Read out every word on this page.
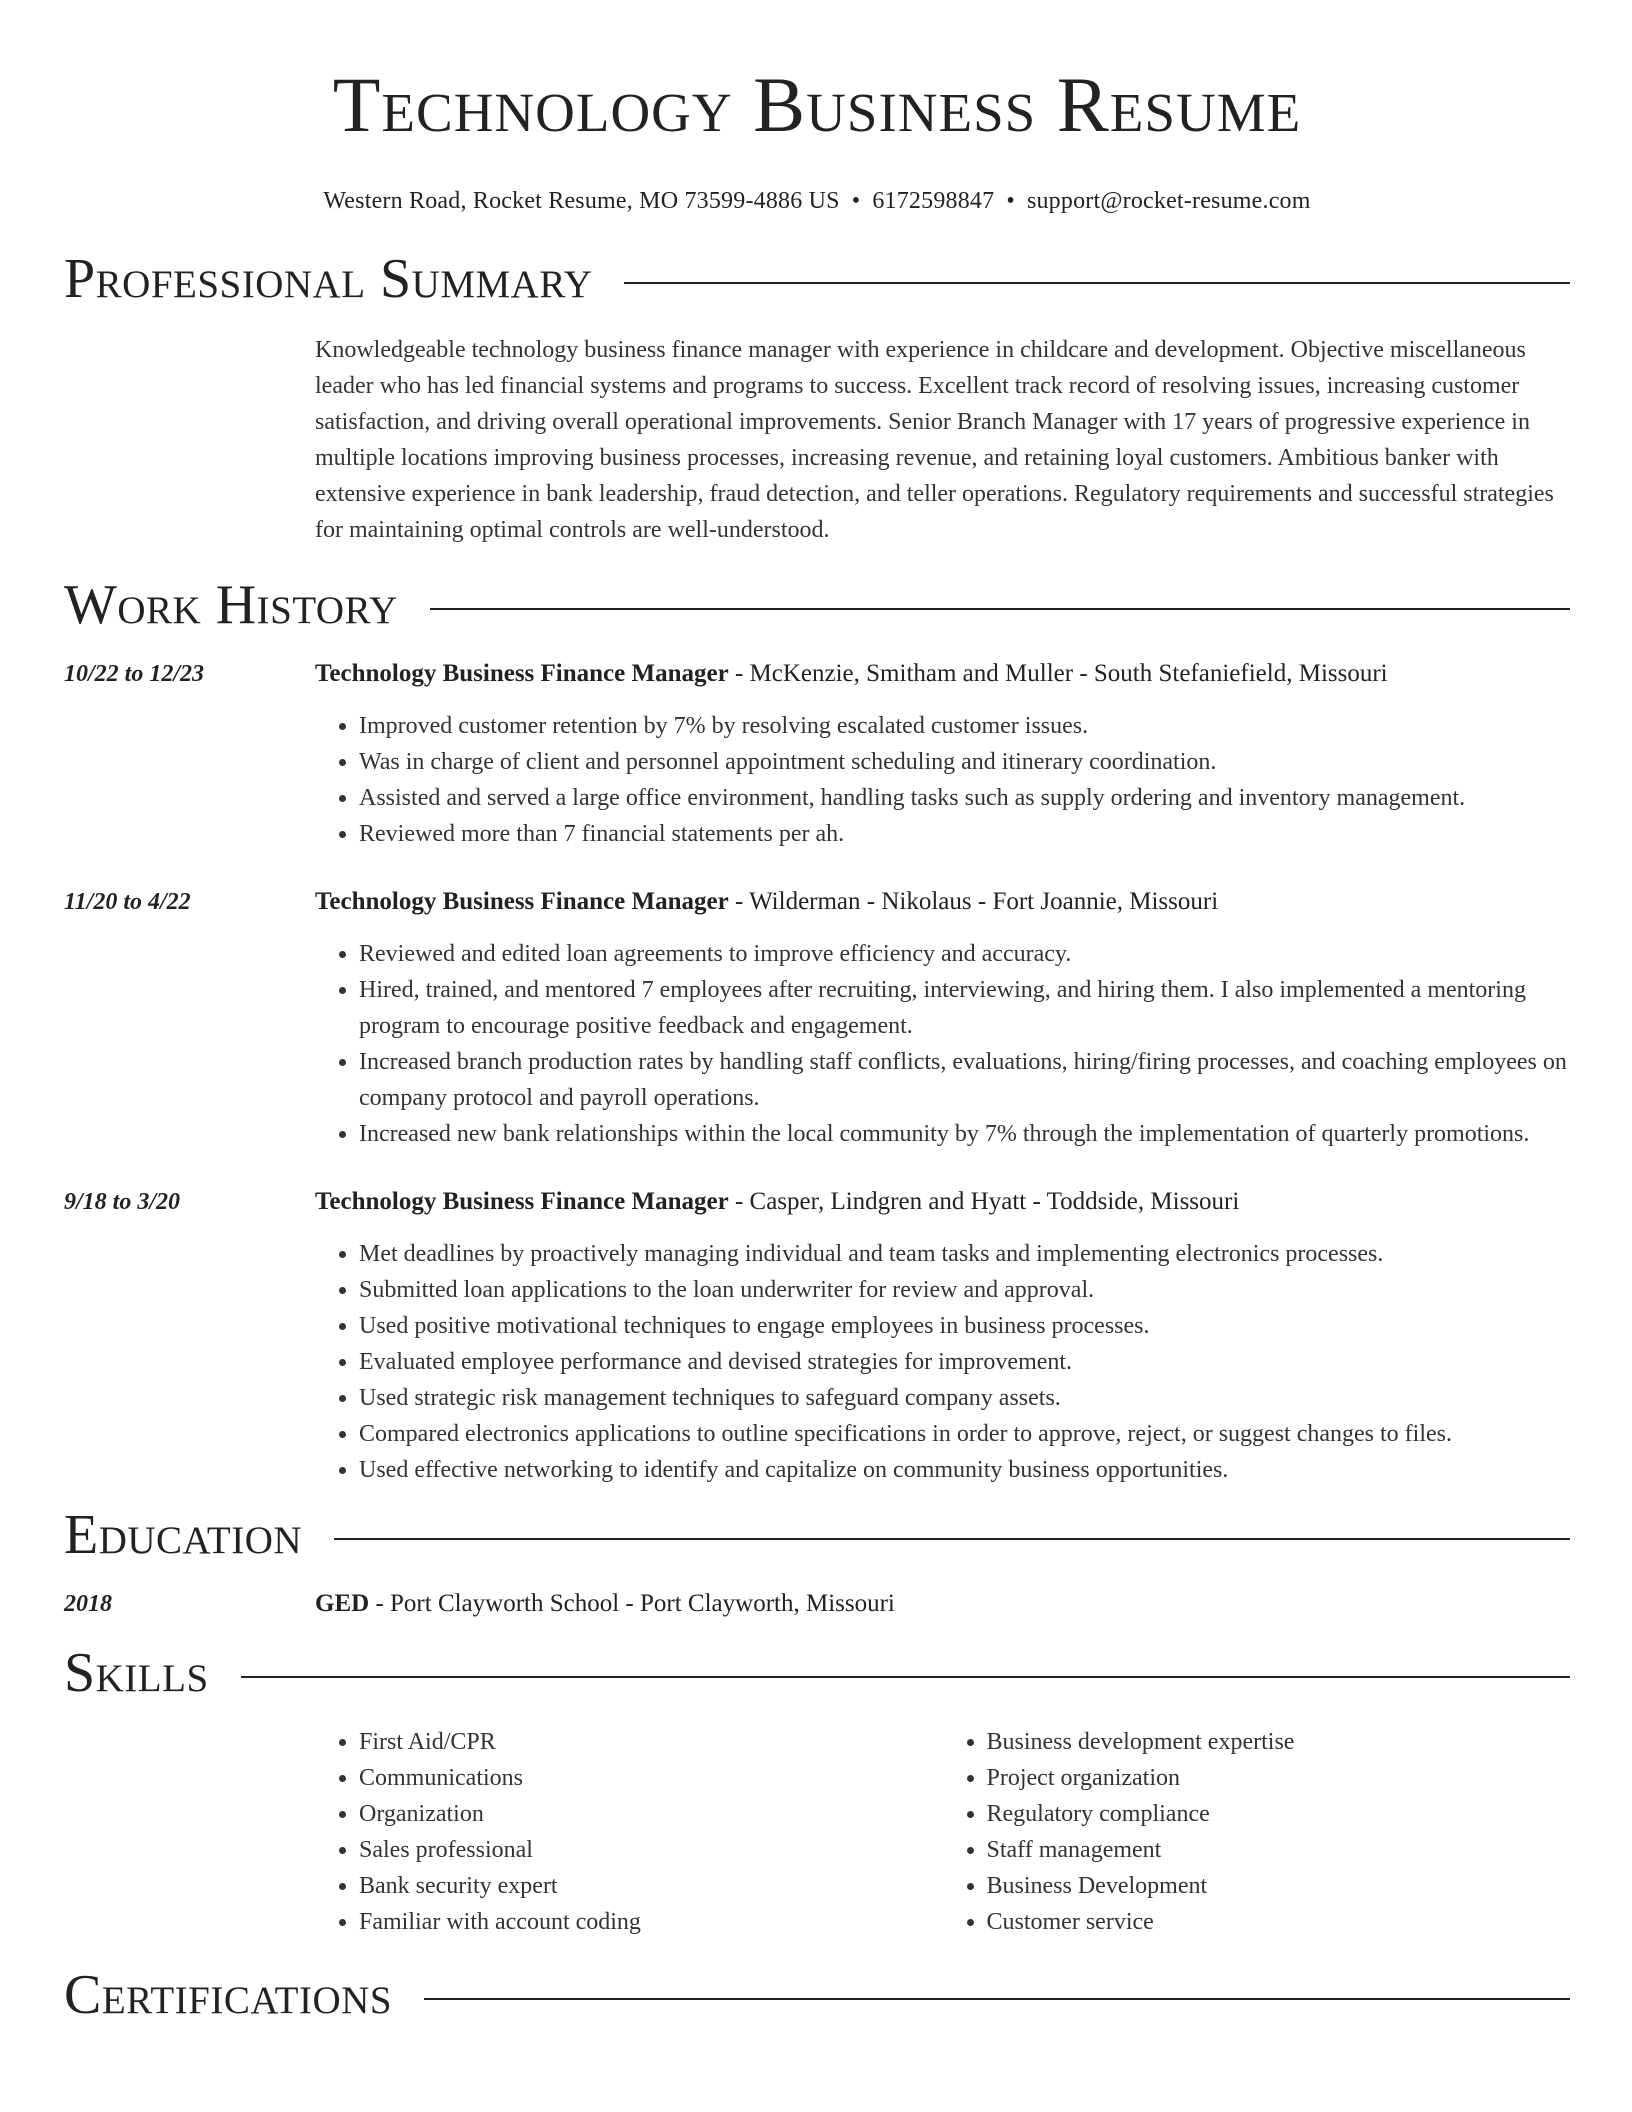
Technology Business Resume
Western Road, Rocket Resume, MO 73599-4886 US • 6172598847 • support@rocket-resume.com
Professional Summary
Knowledgeable technology business finance manager with experience in childcare and development. Objective miscellaneous leader who has led financial systems and programs to success. Excellent track record of resolving issues, increasing customer satisfaction, and driving overall operational improvements. Senior Branch Manager with 17 years of progressive experience in multiple locations improving business processes, increasing revenue, and retaining loyal customers. Ambitious banker with extensive experience in bank leadership, fraud detection, and teller operations. Regulatory requirements and successful strategies for maintaining optimal controls are well-understood.
Work History
10/22 to 12/23	Technology Business Finance Manager - McKenzie, Smitham and Muller - South Stefaniefield, Missouri
• Improved customer retention by 7% by resolving escalated customer issues.
• Was in charge of client and personnel appointment scheduling and itinerary coordination.
• Assisted and served a large office environment, handling tasks such as supply ordering and inventory management.
• Reviewed more than 7 financial statements per ah.
11/20 to 4/22	Technology Business Finance Manager - Wilderman - Nikolaus - Fort Joannie, Missouri
• Reviewed and edited loan agreements to improve efficiency and accuracy.
• Hired, trained, and mentored 7 employees after recruiting, interviewing, and hiring them. I also implemented a mentoring program to encourage positive feedback and engagement.
• Increased branch production rates by handling staff conflicts, evaluations, hiring/firing processes, and coaching employees on company protocol and payroll operations.
• Increased new bank relationships within the local community by 7% through the implementation of quarterly promotions.
9/18 to 3/20	Technology Business Finance Manager - Casper, Lindgren and Hyatt - Toddside, Missouri
• Met deadlines by proactively managing individual and team tasks and implementing electronics processes.
• Submitted loan applications to the loan underwriter for review and approval.
• Used positive motivational techniques to engage employees in business processes.
• Evaluated employee performance and devised strategies for improvement.
• Used strategic risk management techniques to safeguard company assets.
• Compared electronics applications to outline specifications in order to approve, reject, or suggest changes to files.
• Used effective networking to identify and capitalize on community business opportunities.
Education
2018	GED - Port Clayworth School - Port Clayworth, Missouri
Skills
• First Aid/CPR
• Communications
• Organization
• Sales professional
• Bank security expert
• Familiar with account coding
• Business development expertise
• Project organization
• Regulatory compliance
• Staff management
• Business Development
• Customer service
Certifications
